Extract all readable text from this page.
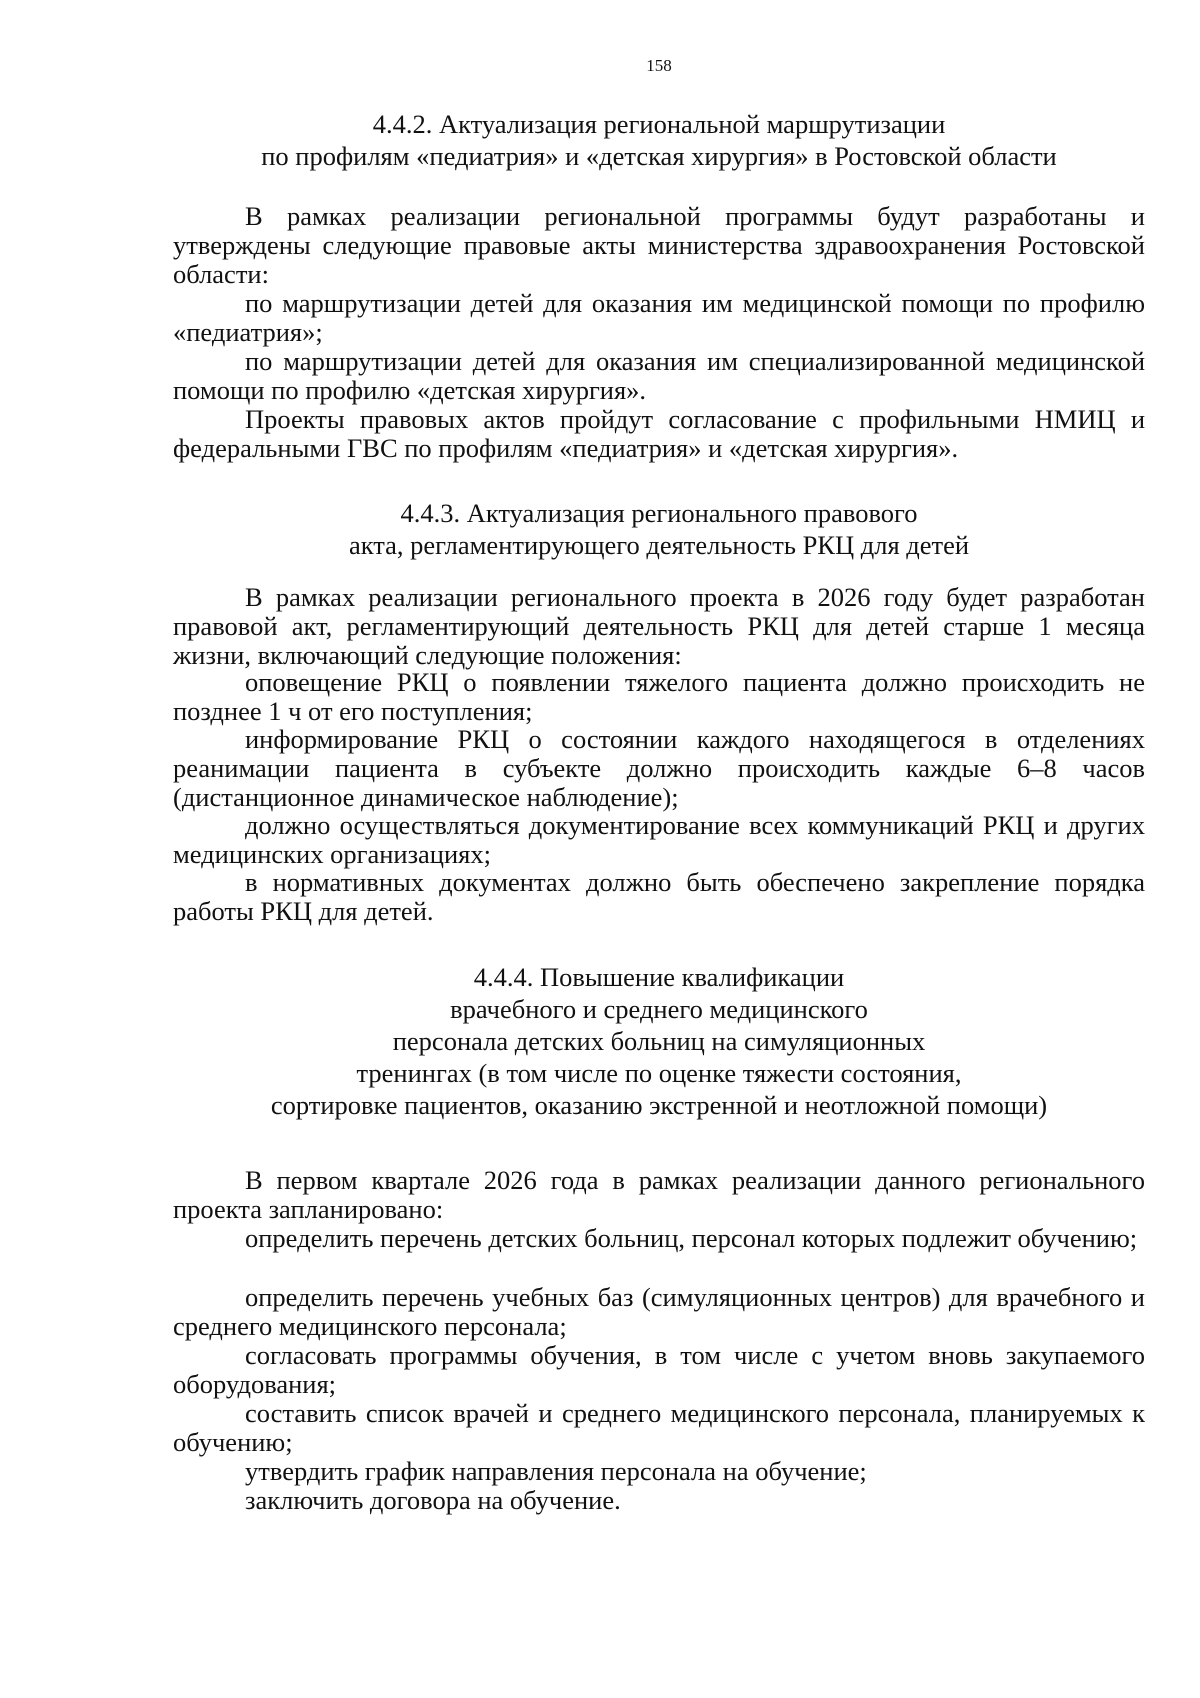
158
4.4.2. Актуализация региональной маршрутизации
по профилям «педиатрия» и «детская хирургия» в Ростовской области

В рамках реализации региональной программы будут разработаны и утверждены следующие правовые акты министерства здравоохранения Ростовской области:

по маршрутизации детей для оказания им медицинской помощи по профилю «педиатрия»;

по маршрутизации детей для оказания им специализированной медицинской помощи по профилю «детская хирургия».

Проекты правовых актов пройдут согласование с профильными НМИЦ и федеральными ГВС по профилям «педиатрия» и «детская хирургия».

4.4.3. Актуализация регионального правового
акта, регламентирующего деятельность РКЦ для детей

В рамках реализации регионального проекта в 2026 году будет разработан правовой акт, регламентирующий деятельность РКЦ для детей старше 1 месяца жизни, включающий следующие положения:

оповещение РКЦ о появлении тяжелого пациента должно происходить не позднее 1 ч от его поступления;

информирование РКЦ о состоянии каждого находящегося в отделениях реанимации пациента в субъекте должно происходить каждые 6–8 часов (дистанционное динамическое наблюдение);

должно осуществляться документирование всех коммуникаций РКЦ и других медицинских организациях;

в нормативных документах должно быть обеспечено закрепление порядка работы РКЦ для детей.

4.4.4. Повышение квалификации
врачебного и среднего медицинского
персонала детских больниц на симуляционных
тренингах (в том числе по оценке тяжести состояния,
сортировке пациентов, оказанию экстренной и неотложной помощи)

В первом квартале 2026 года в рамках реализации данного регионального проекта запланировано:

определить перечень детских больниц, персонал которых подлежит обучению;

определить перечень учебных баз (симуляционных центров) для врачебного и среднего медицинского персонала;

согласовать программы обучения, в том числе с учетом вновь закупаемого оборудования;

составить список врачей и среднего медицинского персонала, планируемых к обучению;

утвердить график направления персонала на обучение;

заключить договора на обучение.
